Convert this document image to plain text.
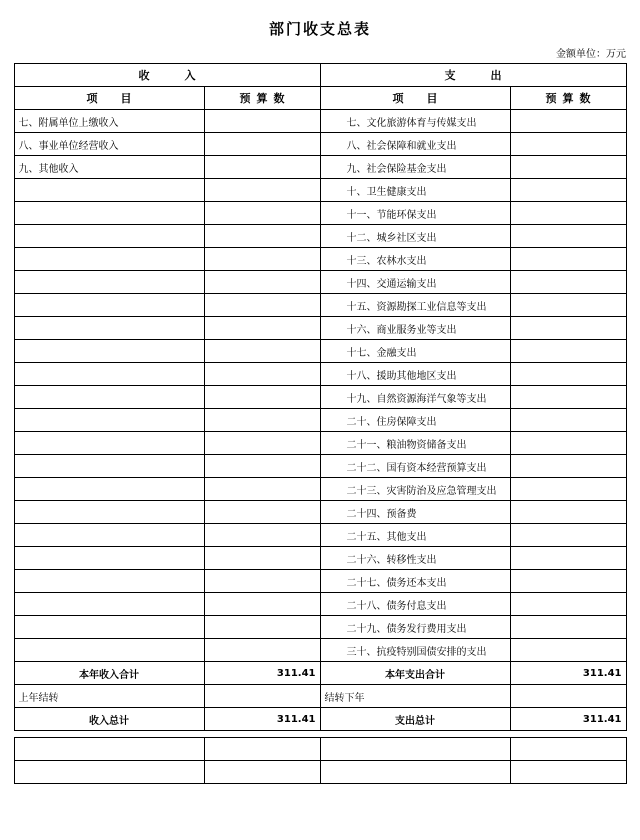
部门收支总表
金额单位：万元
收　入		支　出	
项　目	预算数	项　目	预算数
七、附属单位上缴收入		七、文化旅游体育与传媒支出	
八、事业单位经营收入		八、社会保障和就业支出	
九、其他收入		九、社会保险基金支出	
		十、卫生健康支出	
		十一、节能环保支出	
		十二、城乡社区支出	
		十三、农林水支出	
		十四、交通运输支出	
		十五、资源勘探工业信息等支出	
		十六、商业服务业等支出	
		十七、金融支出	
		十八、援助其他地区支出	
		十九、自然资源海洋气象等支出	
		二十、住房保障支出	
		二十一、粮油物资储备支出	
		二十二、国有资本经营预算支出	
		二十三、灾害防治及应急管理支出	
		二十四、预备费	
		二十五、其他支出	
		二十六、转移性支出	
		二十七、债务还本支出	
		二十八、债务付息支出	
		二十九、债务发行费用支出	
		三十、抗疫特别国债安排的支出	
本年收入合计	311.41	本年支出合计	311.41
上年结转		结转下年	
收入总计	311.41	支出总计	311.41
